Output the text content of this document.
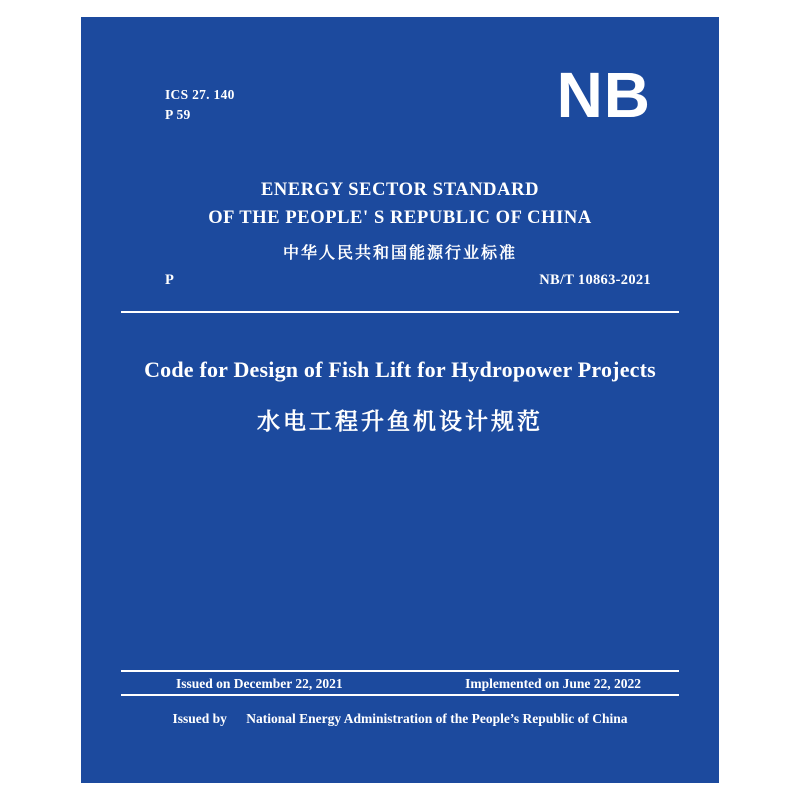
ICS 27. 140
P 59	NB
ENERGY SECTOR STANDARD
OF THE PEOPLE' S REPUBLIC OF CHINA
中华人民共和国能源行业标准
P	NB/T 10863-2021
Code for Design of Fish Lift for Hydropower Projects
水电工程升鱼机设计规范
Issued on December 22, 2021	Implemented on June 22, 2022
Issued by National Energy Administration of the People’s Republic of China
